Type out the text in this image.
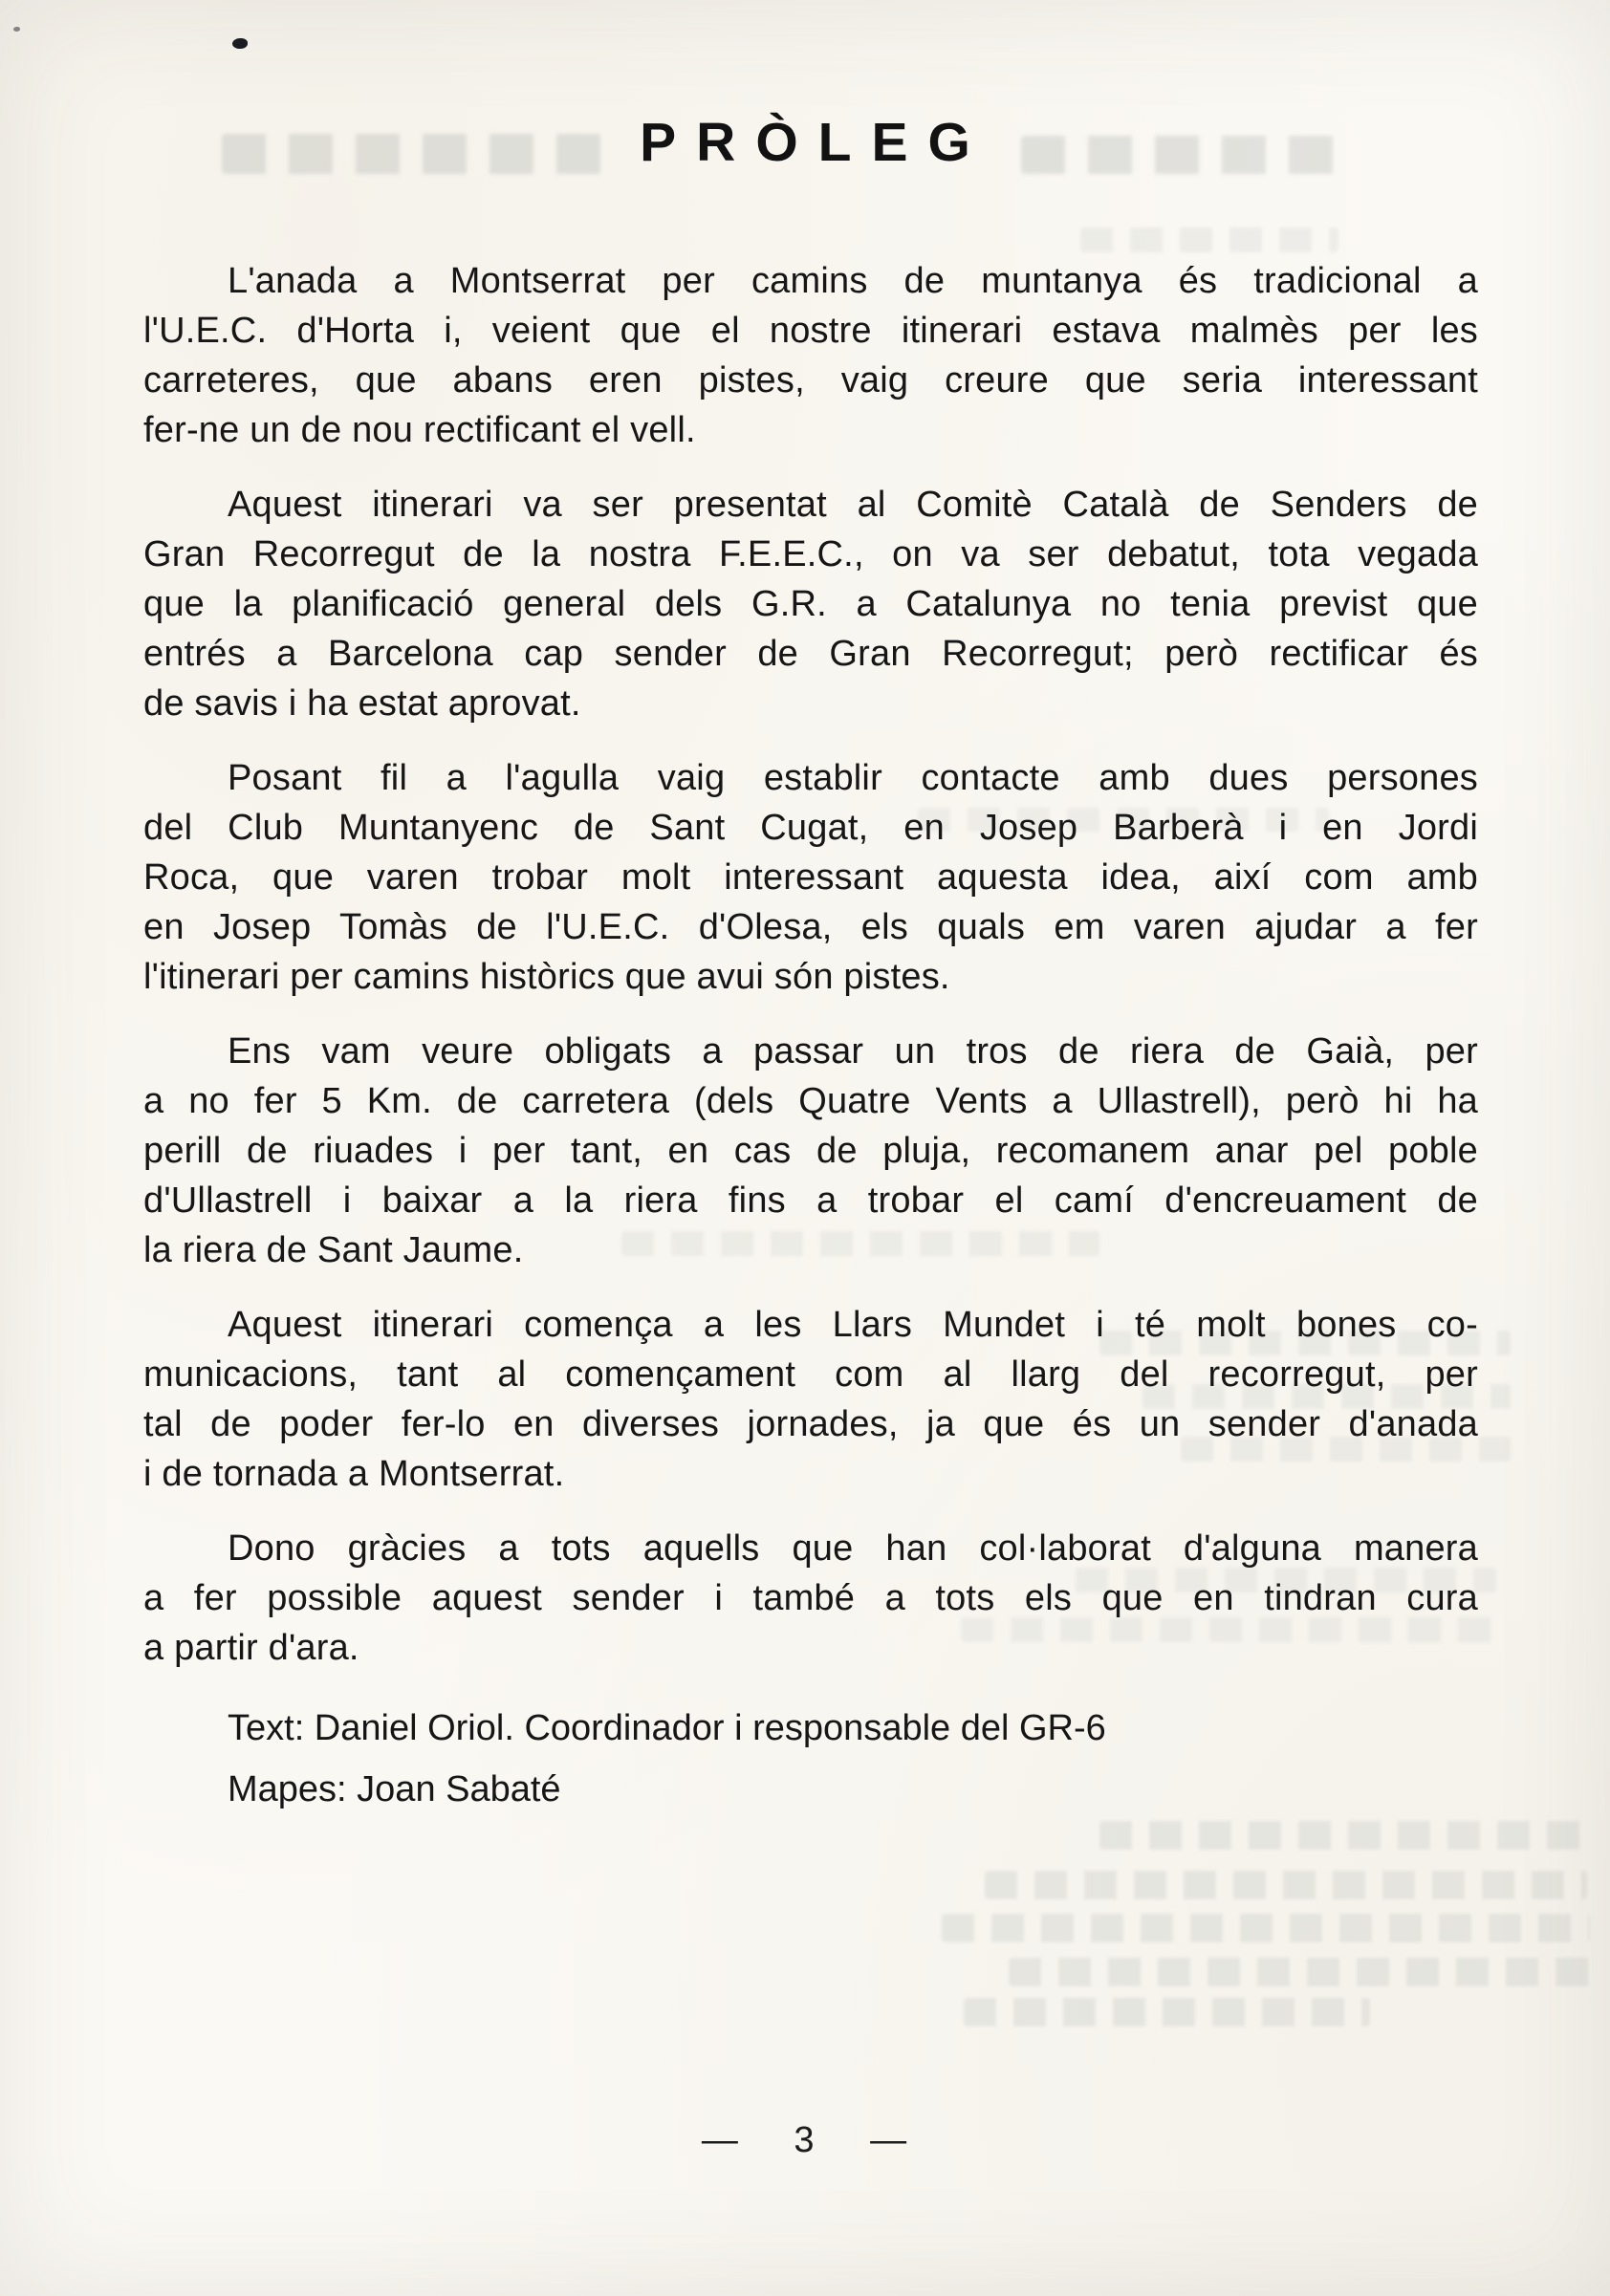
PRÒLEG
L'anada a Montserrat per camins de muntanya és tradicional a
l'U.E.C. d'Horta i, veient que el nostre itinerari estava malmès per les
carreteres, que abans eren pistes, vaig creure que seria interessant
fer-ne un de nou rectificant el vell.
Aquest itinerari va ser presentat al Comitè Català de Senders de
Gran Recorregut de la nostra F.E.E.C., on va ser debatut, tota vegada
que la planificació general dels G.R. a Catalunya no tenia previst que
entrés a Barcelona cap sender de Gran Recorregut; però rectificar és
de savis i ha estat aprovat.
Posant fil a l'agulla vaig establir contacte amb dues persones
del Club Muntanyenc de Sant Cugat, en Josep Barberà i en Jordi
Roca, que varen trobar molt interessant aquesta idea, així com amb
en Josep Tomàs de l'U.E.C. d'Olesa, els quals em varen ajudar a fer
l'itinerari per camins històrics que avui són pistes.
Ens vam veure obligats a passar un tros de riera de Gaià, per
a no fer 5 Km. de carretera (dels Quatre Vents a Ullastrell), però hi ha
perill de riuades i per tant, en cas de pluja, recomanem anar pel poble
d'Ullastrell i baixar a la riera fins a trobar el camí d'encreuament de
la riera de Sant Jaume.
Aquest itinerari comença a les Llars Mundet i té molt bones co-
municacions, tant al començament com al llarg del recorregut, per
tal de poder fer-lo en diverses jornades, ja que és un sender d'anada
i de tornada a Montserrat.
Dono gràcies a tots aquells que han col·laborat d'alguna manera
a fer possible aquest sender i també a tots els que en tindran cura
a partir d'ara.
Text: Daniel Oriol. Coordinador i responsable del GR-6
Mapes: Joan Sabaté
— 3 —
